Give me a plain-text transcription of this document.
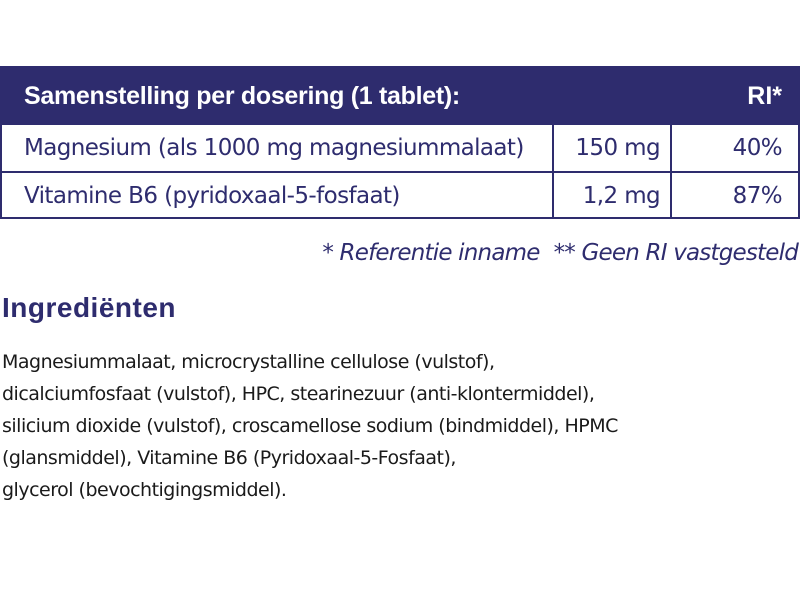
Samenstelling per dosering (1 tablet):	RI*
Magnesium (als 1000 mg magnesiummalaat)	150 mg	40%
Vitamine B6 (pyridoxaal-5-fosfaat)	1,2 mg	87%
* Referentie inname ** Geen RI vastgesteld
Ingrediënten
Magnesiummalaat, microcrystalline cellulose (vulstof),
dicalciumfosfaat (vulstof), HPC, stearinezuur (anti-klontermiddel),
silicium dioxide (vulstof), croscamellose sodium (bindmiddel), HPMC
(glansmiddel), Vitamine B6 (Pyridoxaal-5-Fosfaat),
glycerol (bevochtigingsmiddel).
